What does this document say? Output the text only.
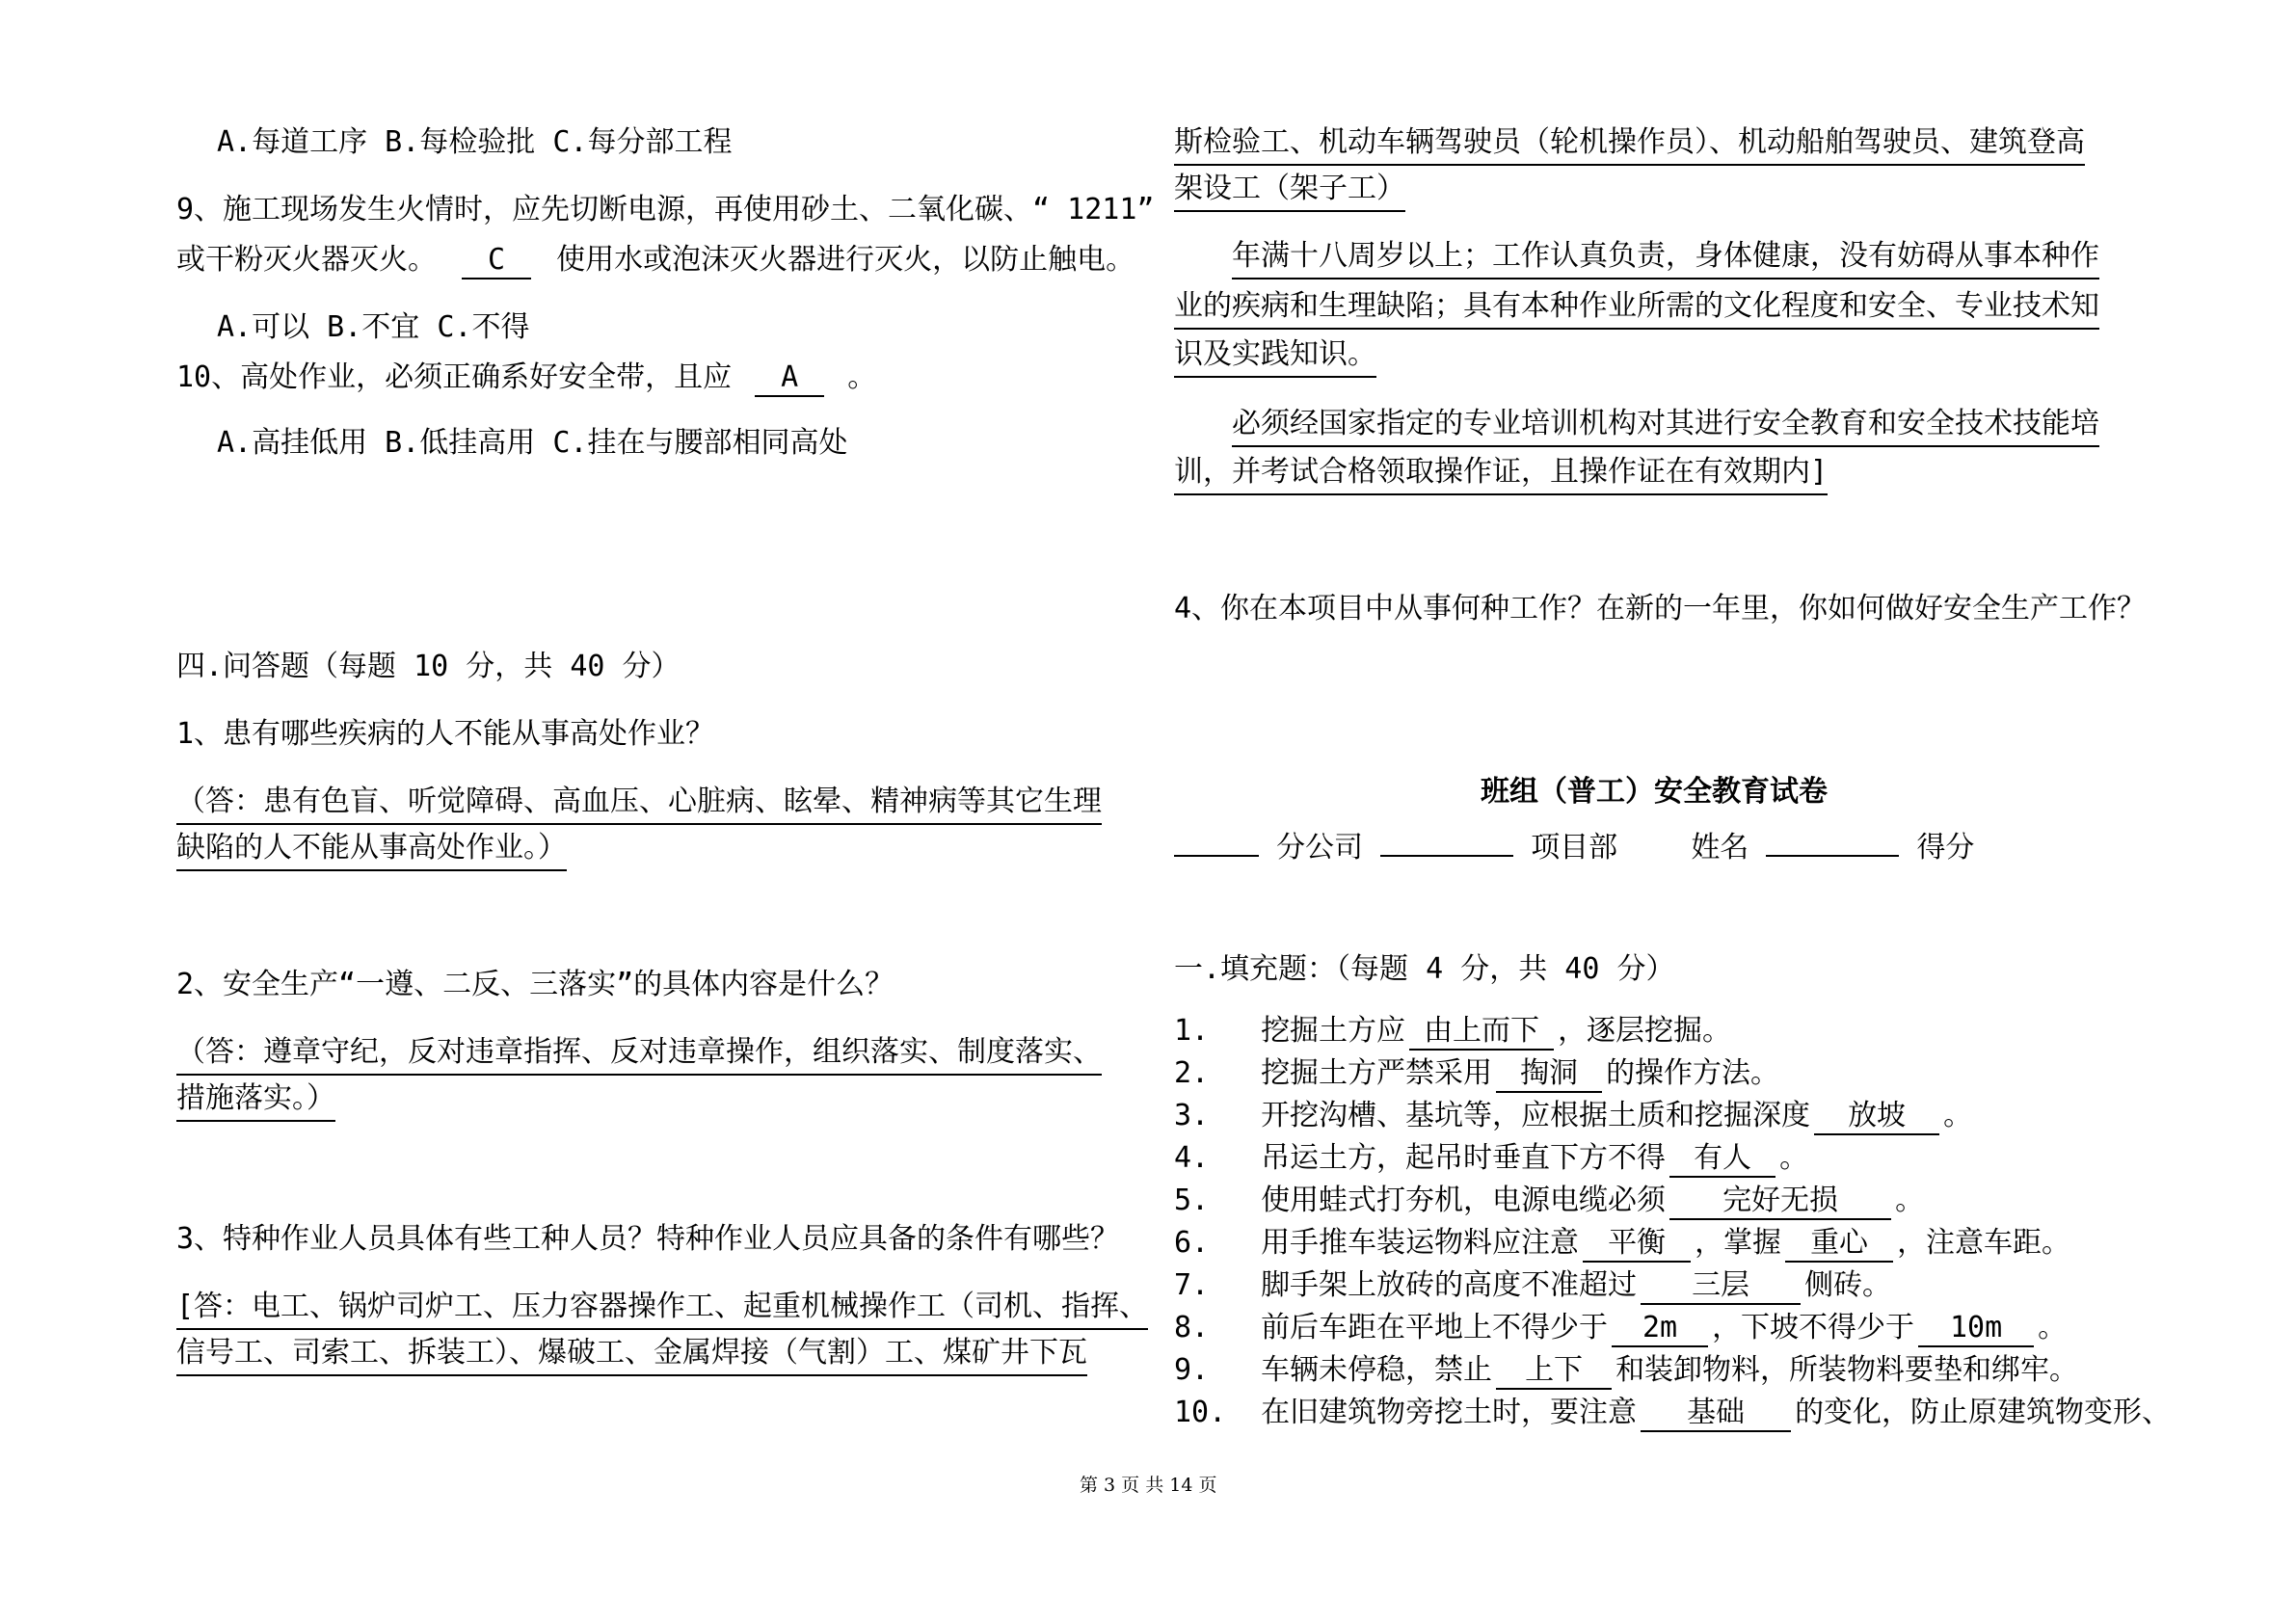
A.每道工序 B.每检验批 C.每分部工程
9、施工现场发生火情时，应先切断电源，再使用砂土、二氧化碳、“ 1211”
或干粉灭火器灭火。 C 使用水或泡沫灭火器进行灭火，以防止触电。
A.可以 B.不宜 C.不得
10、高处作业，必须正确系好安全带，且应 A 。
A.高挂低用 B.低挂高用 C.挂在与腰部相同高处
四.问答题（每题 10 分，共 40 分）
1、患有哪些疾病的人不能从事高处作业？
（答：患有色盲、听觉障碍、高血压、心脏病、眩晕、精神病等其它生理
缺陷的人不能从事高处作业。）
2、安全生产“一遵、二反、三落实”的具体内容是什么？
（答：遵章守纪，反对违章指挥、反对违章操作，组织落实、制度落实、
措施落实。）
3、特种作业人员具体有些工种人员？特种作业人员应具备的条件有哪些？
[答：电工、锅炉司炉工、压力容器操作工、起重机械操作工（司机、指挥、
信号工、司索工、拆装工）、爆破工、金属焊接（气割）工、煤矿井下瓦
斯检验工、机动车辆驾驶员（轮机操作员）、机动船舶驾驶员、建筑登高
架设工（架子工）
年满十八周岁以上；工作认真负责，身体健康，没有妨碍从事本种作
业的疾病和生理缺陷；具有本种作业所需的文化程度和安全、专业技术知
识及实践知识。
必须经国家指定的专业培训机构对其进行安全教育和安全技术技能培
训，并考试合格领取操作证，且操作证在有效期内]
4、你在本项目中从事何种工作？在新的一年里，你如何做好安全生产工作？
班组（普工）安全教育试卷
分公司	项目部	姓名	得分
一.填充题：（每题 4 分，共 40 分）
1. 挖掘土方应 由上而下 ，逐层挖掘。
2. 挖掘土方严禁采用 掏洞 的操作方法。
3. 开挖沟槽、基坑等，应根据土质和挖掘深度 放坡 。
4. 吊运土方，起吊时垂直下方不得 有人 。
5. 使用蛙式打夯机，电源电缆必须 完好无损 。
6. 用手推车装运物料应注意 平衡 ，掌握 重心 ，注意车距。
7. 脚手架上放砖的高度不准超过 三层 侧砖。
8. 前后车距在平地上不得少于 2m ，下坡不得少于 10m 。
9. 车辆未停稳，禁止 上下 和装卸物料，所装物料要垫和绑牢。
10. 在旧建筑物旁挖土时，要注意 基础 的变化，防止原建筑物变形、
第 3 页 共 14 页
